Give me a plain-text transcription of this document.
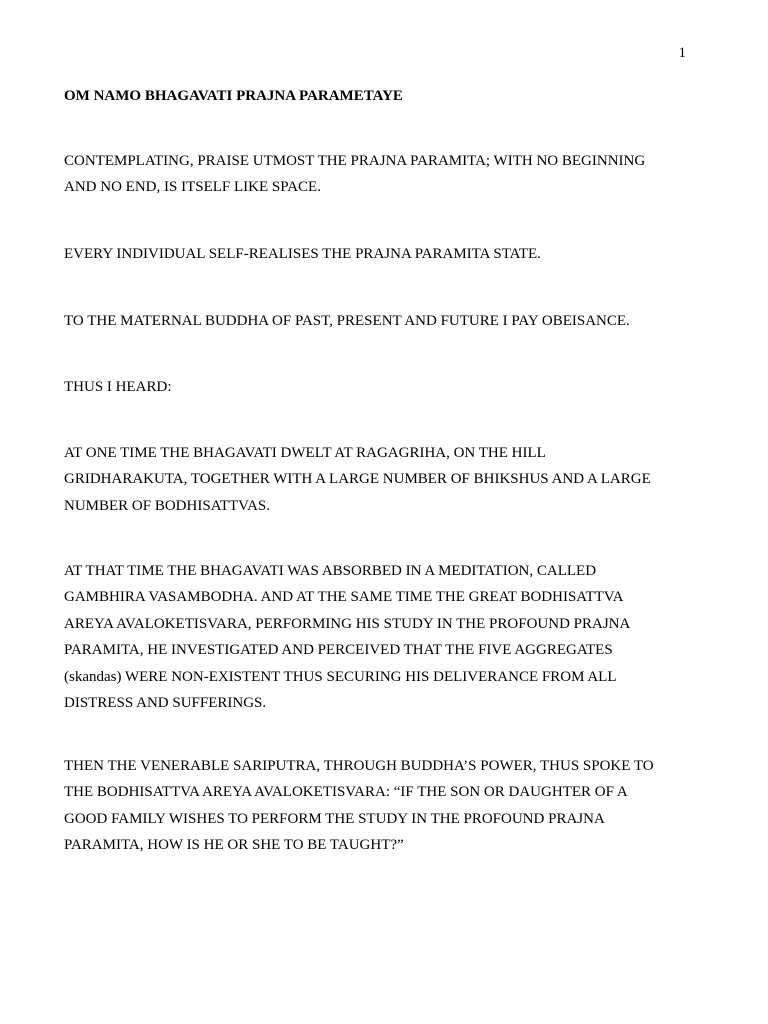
1
OM NAMO BHAGAVATI PRAJNA PARAMETAYE

CONTEMPLATING, PRAISE UTMOST THE PRAJNA PARAMITA; WITH NO BEGINNING
AND NO END, IS ITSELF LIKE SPACE.

EVERY INDIVIDUAL SELF-REALISES THE PRAJNA PARAMITA STATE.

TO THE MATERNAL BUDDHA OF PAST, PRESENT AND FUTURE I PAY OBEISANCE.

THUS I HEARD:

AT ONE TIME THE BHAGAVATI DWELT AT RAGAGRIHA, ON THE HILL
GRIDHARAKUTA, TOGETHER WITH A LARGE NUMBER OF BHIKSHUS AND A LARGE
NUMBER OF BODHISATTVAS.

AT THAT TIME THE BHAGAVATI WAS ABSORBED IN A MEDITATION, CALLED
GAMBHIRA VASAMBODHA. AND AT THE SAME TIME THE GREAT BODHISATTVA
AREYA AVALOKETISVARA, PERFORMING HIS STUDY IN THE PROFOUND PRAJNA
PARAMITA, HE INVESTIGATED AND PERCEIVED THAT THE FIVE AGGREGATES
(skandas) WERE NON-EXISTENT THUS SECURING HIS DELIVERANCE FROM ALL
DISTRESS AND SUFFERINGS.

THEN THE VENERABLE SARIPUTRA, THROUGH BUDDHA’S POWER, THUS SPOKE TO
THE BODHISATTVA AREYA AVALOKETISVARA: “IF THE SON OR DAUGHTER OF A
GOOD FAMILY WISHES TO PERFORM THE STUDY IN THE PROFOUND PRAJNA
PARAMITA, HOW IS HE OR SHE TO BE TAUGHT?”
